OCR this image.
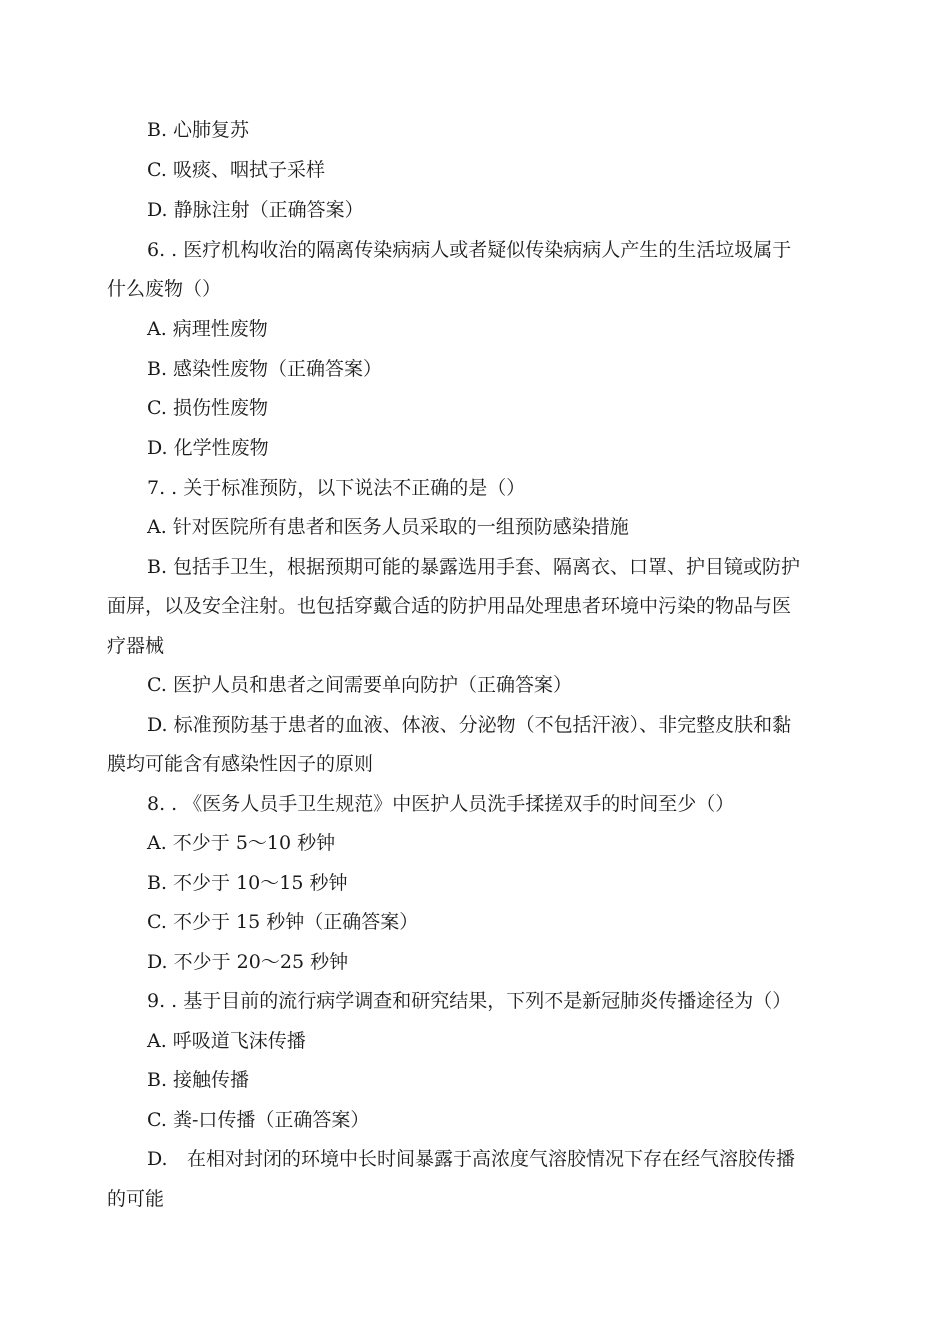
B. 心肺复苏
C. 吸痰、咽拭子采样
D. 静脉注射（正确答案）
6. . 医疗机构收治的隔离传染病病人或者疑似传染病病人产生的生活垃圾属于
什么废物（）
A. 病理性废物
B. 感染性废物（正确答案）
C. 损伤性废物
D. 化学性废物
7. . 关于标准预防，以下说法不正确的是（）
A. 针对医院所有患者和医务人员采取的一组预防感染措施
B. 包括手卫生，根据预期可能的暴露选用手套、隔离衣、口罩、护目镜或防护
面屏，以及安全注射。也包括穿戴合适的防护用品处理患者环境中污染的物品与医
疗器械
C. 医护人员和患者之间需要单向防护（正确答案）
D. 标准预防基于患者的血液、体液、分泌物（不包括汗液）、非完整皮肤和黏
膜均可能含有感染性因子的原则
8. . 《医务人员手卫生规范》中医护人员洗手揉搓双手的时间至少（）
A. 不少于 5〜10 秒钟
B. 不少于 10〜15 秒钟
C. 不少于 15 秒钟（正确答案）
D. 不少于 20〜25 秒钟
9. . 基于目前的流行病学调查和研究结果，下列不是新冠肺炎传播途径为（）
A. 呼吸道飞沫传播
B. 接触传播
C. 粪-口传播（正确答案）
D. 在相对封闭的环境中长时间暴露于高浓度气溶胶情况下存在经气溶胶传播
的可能
